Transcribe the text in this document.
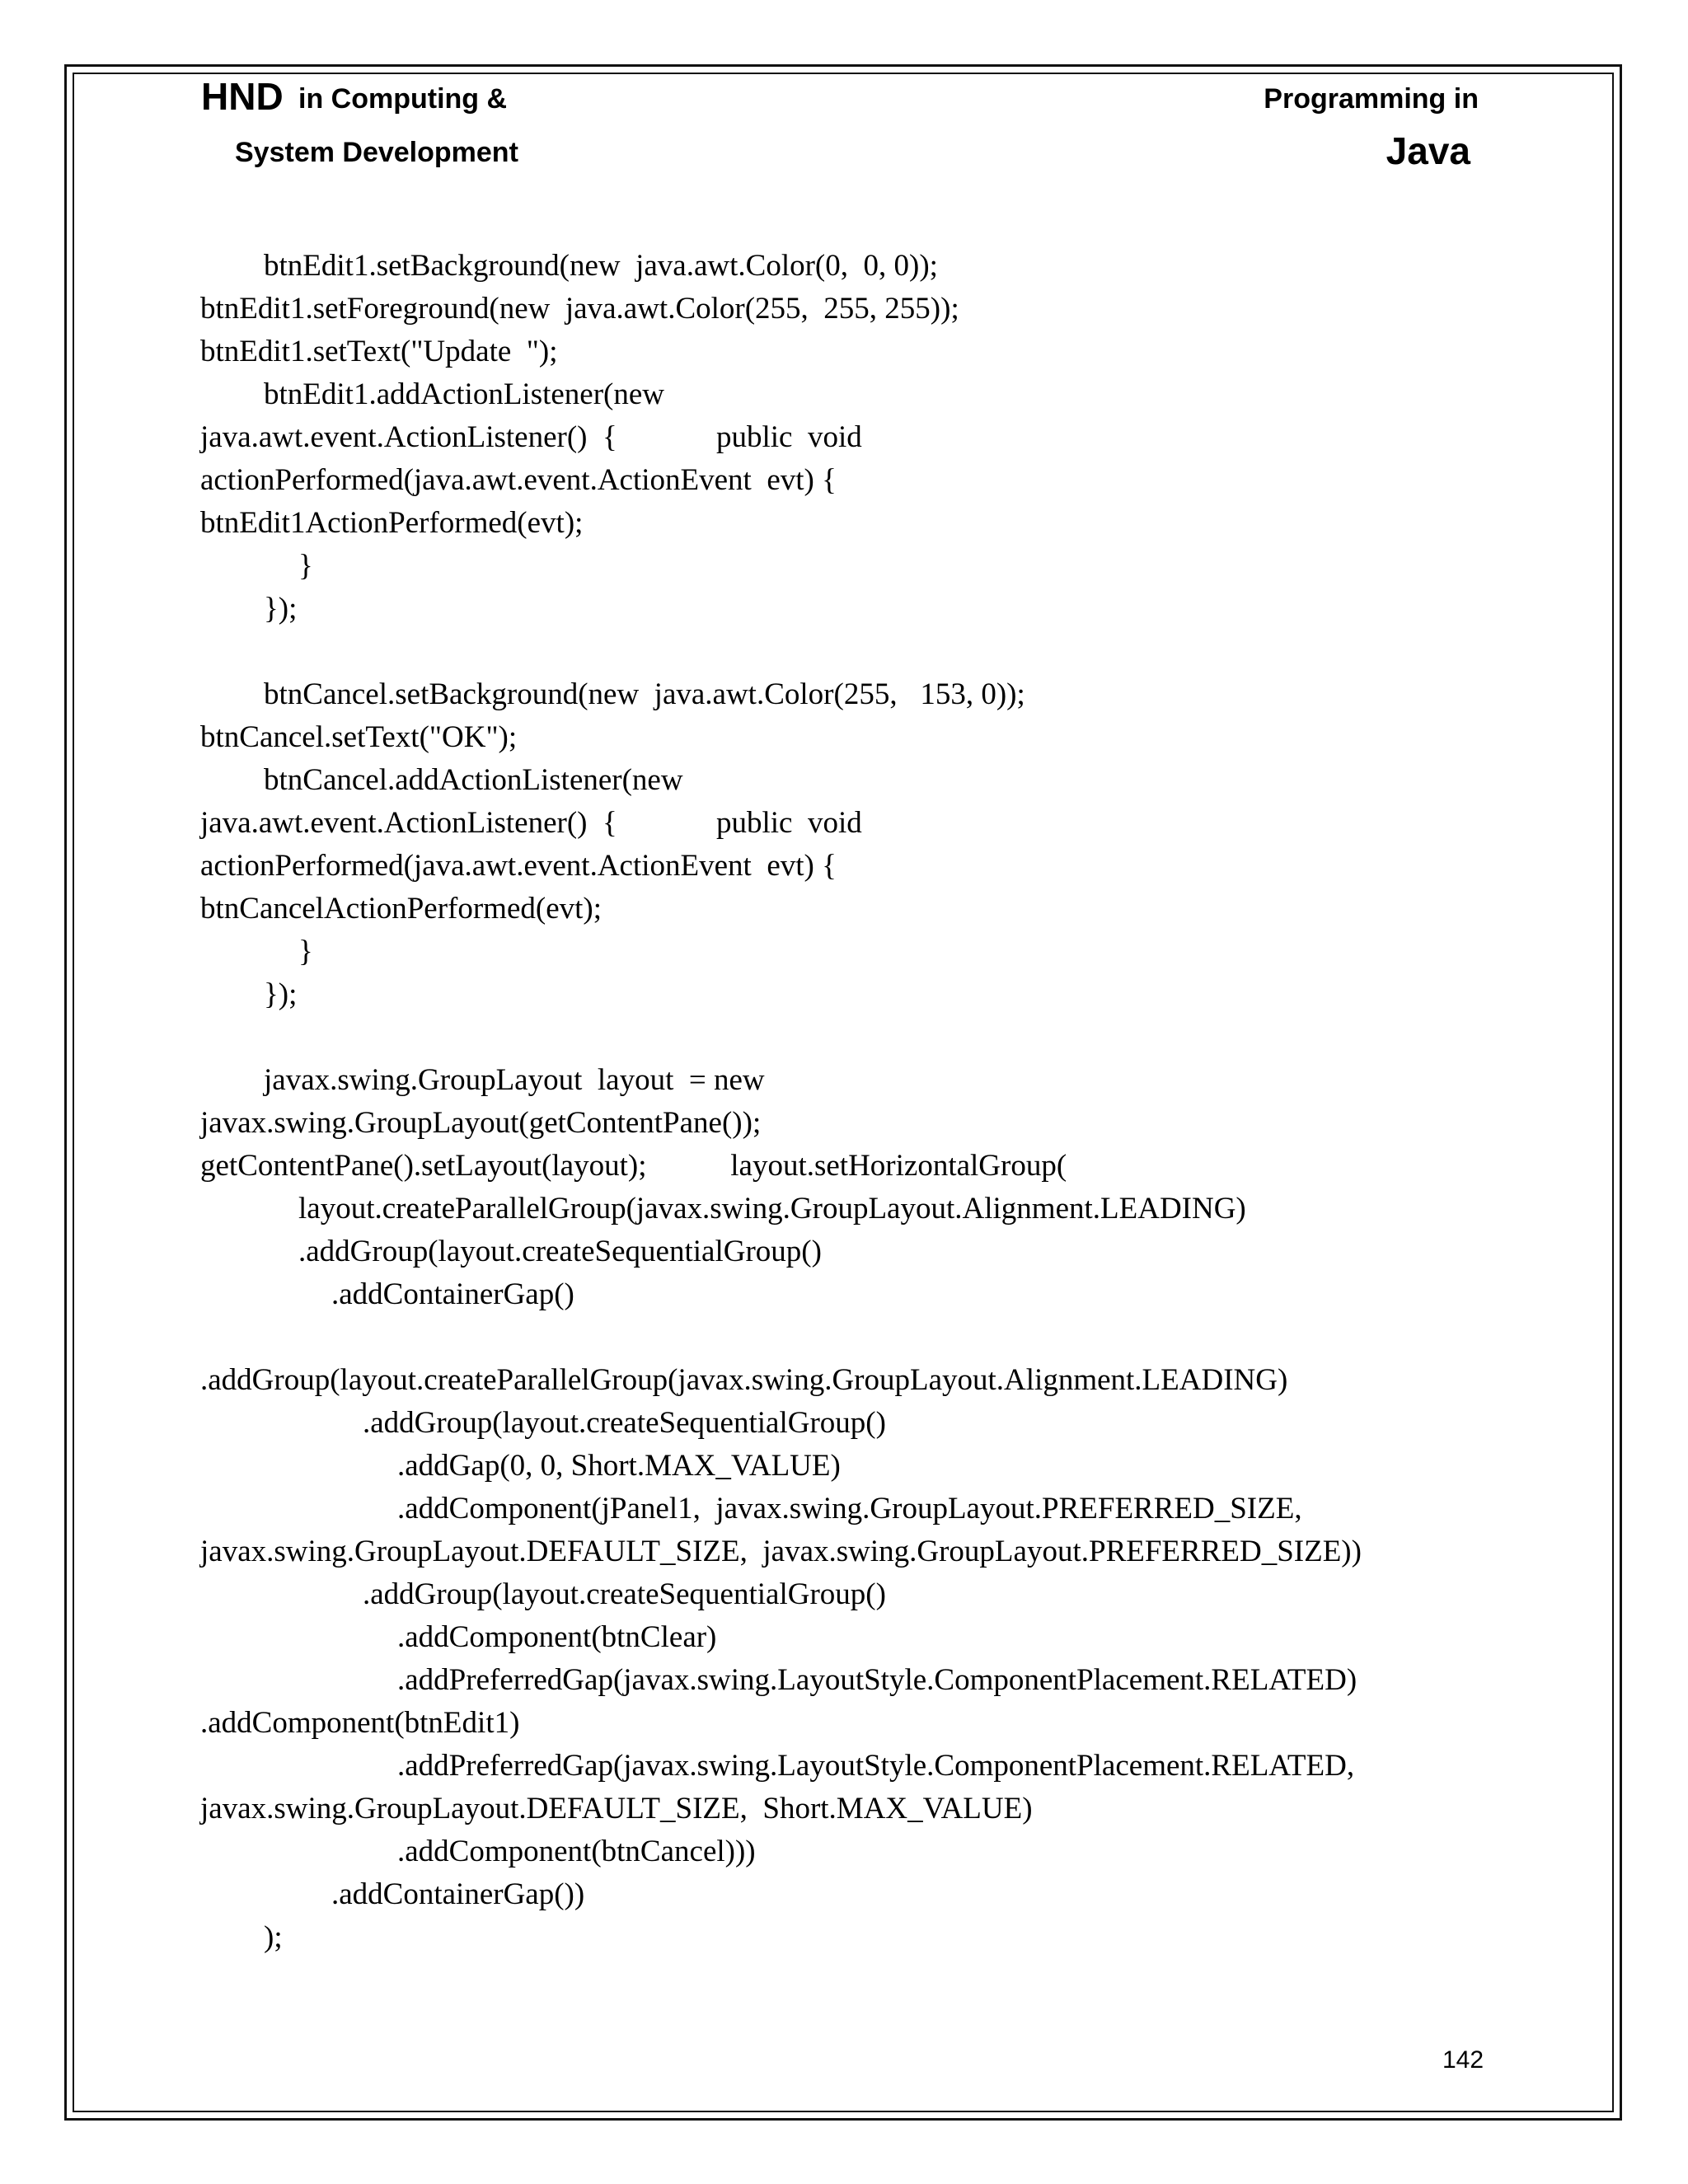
HND in Computing &
System Development
Programming in
Java
btnEdit1.setBackground(new  java.awt.Color(0,  0, 0));
btnEdit1.setForeground(new  java.awt.Color(255,  255, 255));
btnEdit1.setText("Update  ");
btnEdit1.addActionListener(new
java.awt.event.ActionListener()  {             public  void
actionPerformed(java.awt.event.ActionEvent  evt) {
btnEdit1ActionPerformed(evt);
}
});
btnCancel.setBackground(new  java.awt.Color(255,   153, 0));
btnCancel.setText("OK");
btnCancel.addActionListener(new
java.awt.event.ActionListener()  {             public  void
actionPerformed(java.awt.event.ActionEvent  evt) {
btnCancelActionPerformed(evt);
}
});
javax.swing.GroupLayout  layout  = new
javax.swing.GroupLayout(getContentPane());
getContentPane().setLayout(layout);           layout.setHorizontalGroup(
layout.createParallelGroup(javax.swing.GroupLayout.Alignment.LEADING)
.addGroup(layout.createSequentialGroup()
.addContainerGap()
.addGroup(layout.createParallelGroup(javax.swing.GroupLayout.Alignment.LEADING)
.addGroup(layout.createSequentialGroup()
.addGap(0, 0, Short.MAX_VALUE)
.addComponent(jPanel1,  javax.swing.GroupLayout.PREFERRED_SIZE,
javax.swing.GroupLayout.DEFAULT_SIZE,  javax.swing.GroupLayout.PREFERRED_SIZE))
.addGroup(layout.createSequentialGroup()
.addComponent(btnClear)
.addPreferredGap(javax.swing.LayoutStyle.ComponentPlacement.RELATED)
.addComponent(btnEdit1)
.addPreferredGap(javax.swing.LayoutStyle.ComponentPlacement.RELATED,
javax.swing.GroupLayout.DEFAULT_SIZE,  Short.MAX_VALUE)
.addComponent(btnCancel)))
.addContainerGap())
);
142
